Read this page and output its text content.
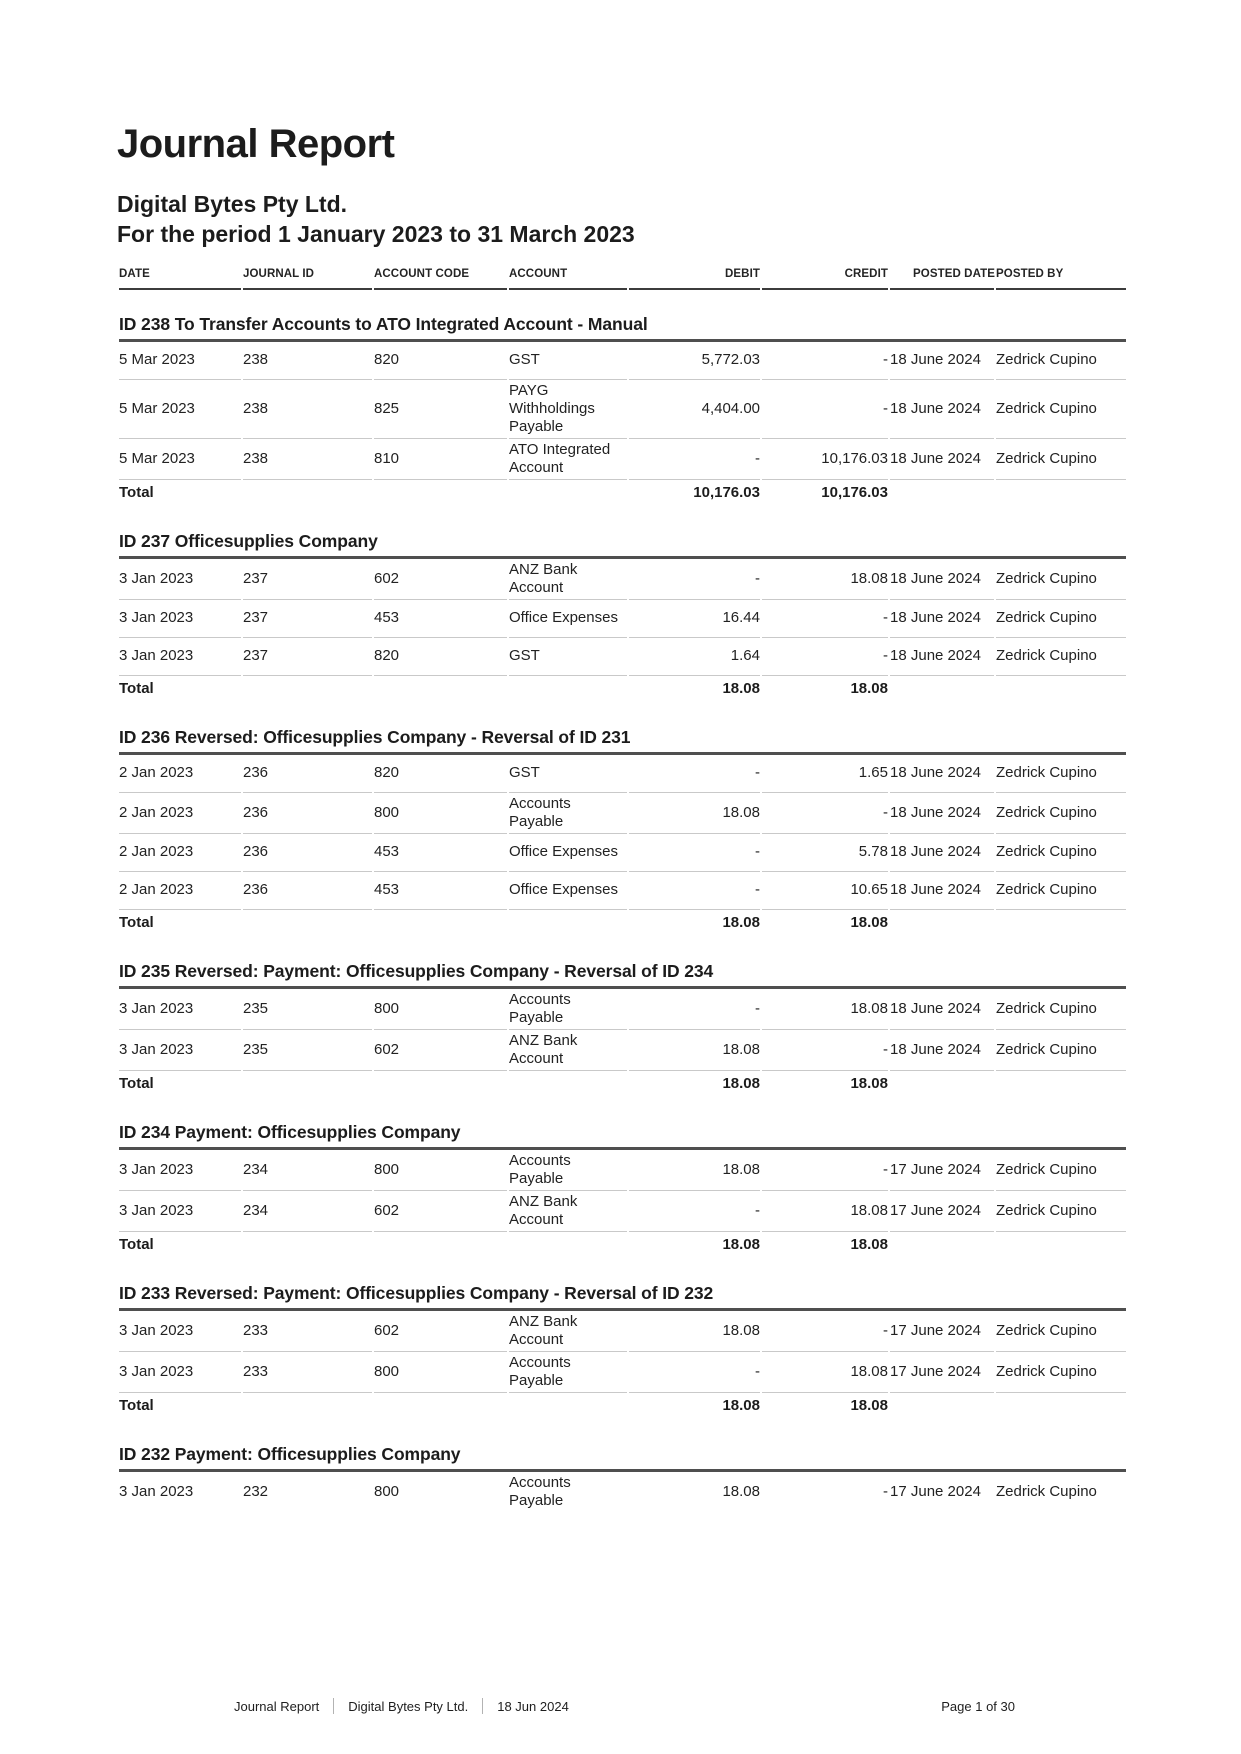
Journal Report
Digital Bytes Pty Ltd.
For the period 1 January 2023 to 31 March 2023
DATE	JOURNAL ID	ACCOUNT CODE	ACCOUNT	DEBIT	CREDIT	POSTED DATE	POSTED BY
ID 238 To Transfer Accounts to ATO Integrated Account - Manual							
5 Mar 2023	238	820	GST	5,772.03	-	18 June 2024	Zedrick Cupino
5 Mar 2023	238	825	PAYG Withholdings Payable	4,404.00	-	18 June 2024	Zedrick Cupino
5 Mar 2023	238	810	ATO Integrated Account	-	10,176.03	18 June 2024	Zedrick Cupino
Total				10,176.03	10,176.03		
ID 237 Officesupplies Company							
3 Jan 2023	237	602	ANZ Bank Account	-	18.08	18 June 2024	Zedrick Cupino
3 Jan 2023	237	453	Office Expenses	16.44	-	18 June 2024	Zedrick Cupino
3 Jan 2023	237	820	GST	1.64	-	18 June 2024	Zedrick Cupino
Total				18.08	18.08		
ID 236 Reversed: Officesupplies Company - Reversal of ID 231							
2 Jan 2023	236	820	GST	-	1.65	18 June 2024	Zedrick Cupino
2 Jan 2023	236	800	Accounts Payable	18.08	-	18 June 2024	Zedrick Cupino
2 Jan 2023	236	453	Office Expenses	-	5.78	18 June 2024	Zedrick Cupino
2 Jan 2023	236	453	Office Expenses	-	10.65	18 June 2024	Zedrick Cupino
Total				18.08	18.08		
ID 235 Reversed: Payment: Officesupplies Company - Reversal of ID 234							
3 Jan 2023	235	800	Accounts Payable	-	18.08	18 June 2024	Zedrick Cupino
3 Jan 2023	235	602	ANZ Bank Account	18.08	-	18 June 2024	Zedrick Cupino
Total				18.08	18.08		
ID 234 Payment: Officesupplies Company							
3 Jan 2023	234	800	Accounts Payable	18.08	-	17 June 2024	Zedrick Cupino
3 Jan 2023	234	602	ANZ Bank Account	-	18.08	17 June 2024	Zedrick Cupino
Total				18.08	18.08		
ID 233 Reversed: Payment: Officesupplies Company - Reversal of ID 232							
3 Jan 2023	233	602	ANZ Bank Account	18.08	-	17 June 2024	Zedrick Cupino
3 Jan 2023	233	800	Accounts Payable	-	18.08	17 June 2024	Zedrick Cupino
Total				18.08	18.08		
ID 232 Payment: Officesupplies Company							
3 Jan 2023	232	800	Accounts Payable	18.08	-	17 June 2024	Zedrick Cupino
Journal Report Digital Bytes Pty Ltd. 18 Jun 2024	Page 1 of 30
